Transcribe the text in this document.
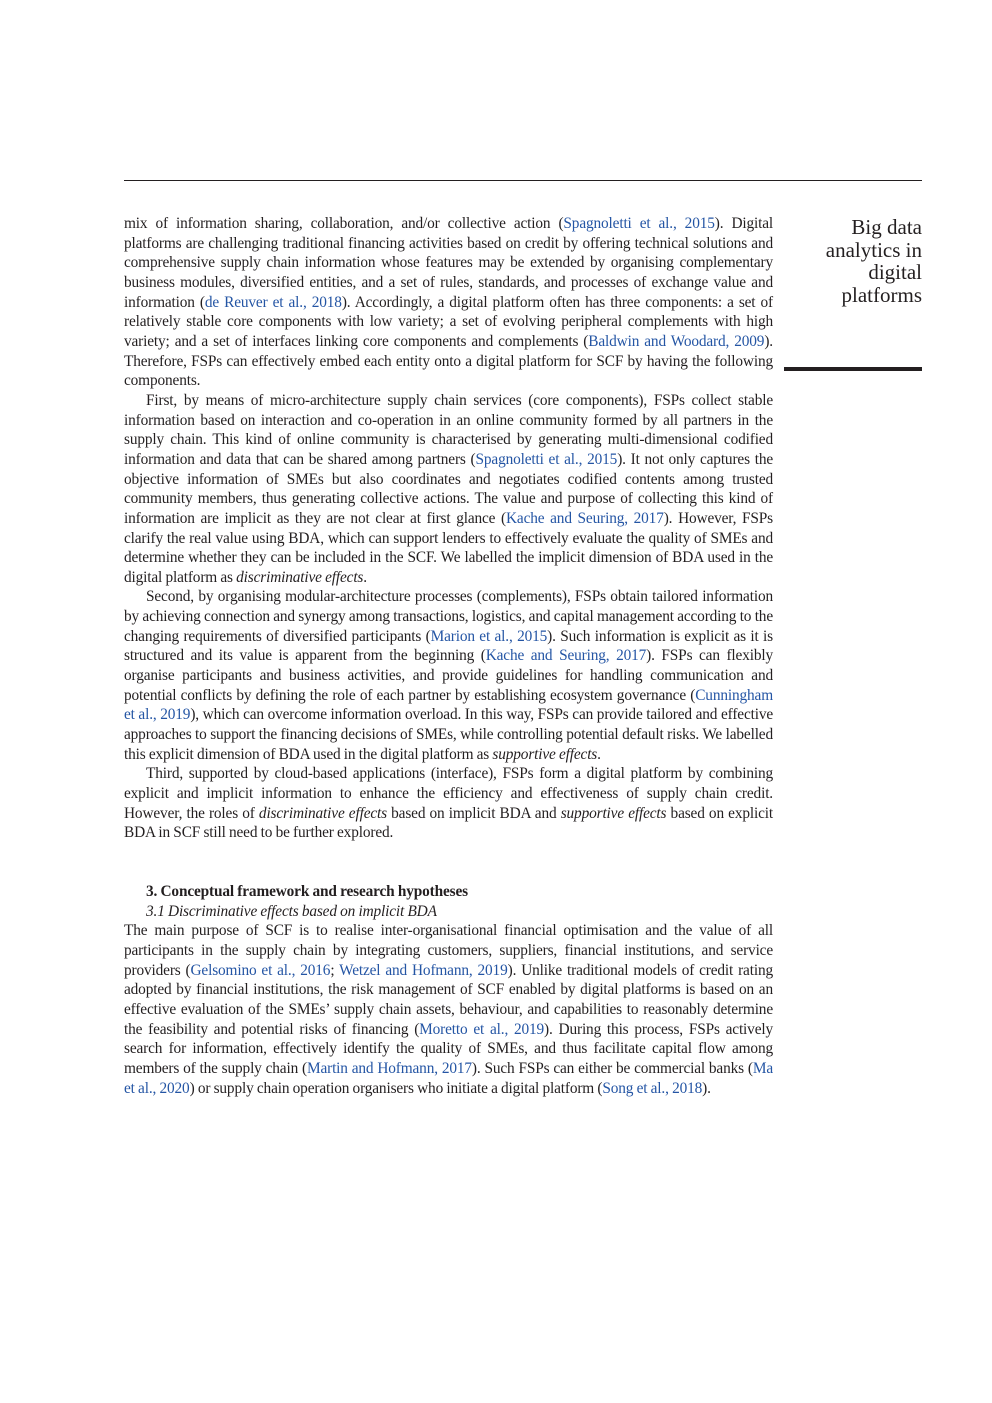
Big data
analytics in
digital
platforms

mix of information sharing, collaboration, and/or collective action (Spagnoletti et al., 2015). Digital platforms are challenging traditional financing activities based on credit by offering technical solutions and comprehensive supply chain information whose features may be extended by organising complementary business modules, diversified entities, and a set of rules, standards, and processes of exchange value and information (de Reuver et al., 2018). Accordingly, a digital platform often has three components: a set of relatively stable core components with low variety; a set of evolving peripheral complements with high variety; and a set of interfaces linking core components and complements (Baldwin and Woodard, 2009). Therefore, FSPs can effectively embed each entity onto a digital platform for SCF by having the following components.

First, by means of micro-architecture supply chain services (core components), FSPs collect stable information based on interaction and co-operation in an online community formed by all partners in the supply chain. This kind of online community is characterised by generating multi-dimensional codified information and data that can be shared among partners (Spagnoletti et al., 2015). It not only captures the objective information of SMEs but also coordinates and negotiates codified contents among trusted community members, thus generating collective actions. The value and purpose of collecting this kind of information are implicit as they are not clear at first glance (Kache and Seuring, 2017). However, FSPs clarify the real value using BDA, which can support lenders to effectively evaluate the quality of SMEs and determine whether they can be included in the SCF. We labelled the implicit dimension of BDA used in the digital platform as discriminative effects.

Second, by organising modular-architecture processes (complements), FSPs obtain tailored information by achieving connection and synergy among transactions, logistics, and capital management according to the changing requirements of diversified participants (Marion et al., 2015). Such information is explicit as it is structured and its value is apparent from the beginning (Kache and Seuring, 2017). FSPs can flexibly organise participants and business activities, and provide guidelines for handling communication and potential conflicts by defining the role of each partner by establishing ecosystem governance (Cunningham et al., 2019), which can overcome information overload. In this way, FSPs can provide tailored and effective approaches to support the financing decisions of SMEs, while controlling potential default risks. We labelled this explicit dimension of BDA used in the digital platform as supportive effects.

Third, supported by cloud-based applications (interface), FSPs form a digital platform by combining explicit and implicit information to enhance the efficiency and effectiveness of supply chain credit. However, the roles of discriminative effects based on implicit BDA and supportive effects based on explicit BDA in SCF still need to be further explored.

3. Conceptual framework and research hypotheses

3.1 Discriminative effects based on implicit BDA

The main purpose of SCF is to realise inter-organisational financial optimisation and the value of all participants in the supply chain by integrating customers, suppliers, financial institutions, and service providers (Gelsomino et al., 2016; Wetzel and Hofmann, 2019). Unlike traditional models of credit rating adopted by financial institutions, the risk management of SCF enabled by digital platforms is based on an effective evaluation of the SMEs’ supply chain assets, behaviour, and capabilities to reasonably determine the feasibility and potential risks of financing (Moretto et al., 2019). During this process, FSPs actively search for information, effectively identify the quality of SMEs, and thus facilitate capital flow among members of the supply chain (Martin and Hofmann, 2017). Such FSPs can either be commercial banks (Ma et al., 2020) or supply chain operation organisers who initiate a digital platform (Song et al., 2018).
